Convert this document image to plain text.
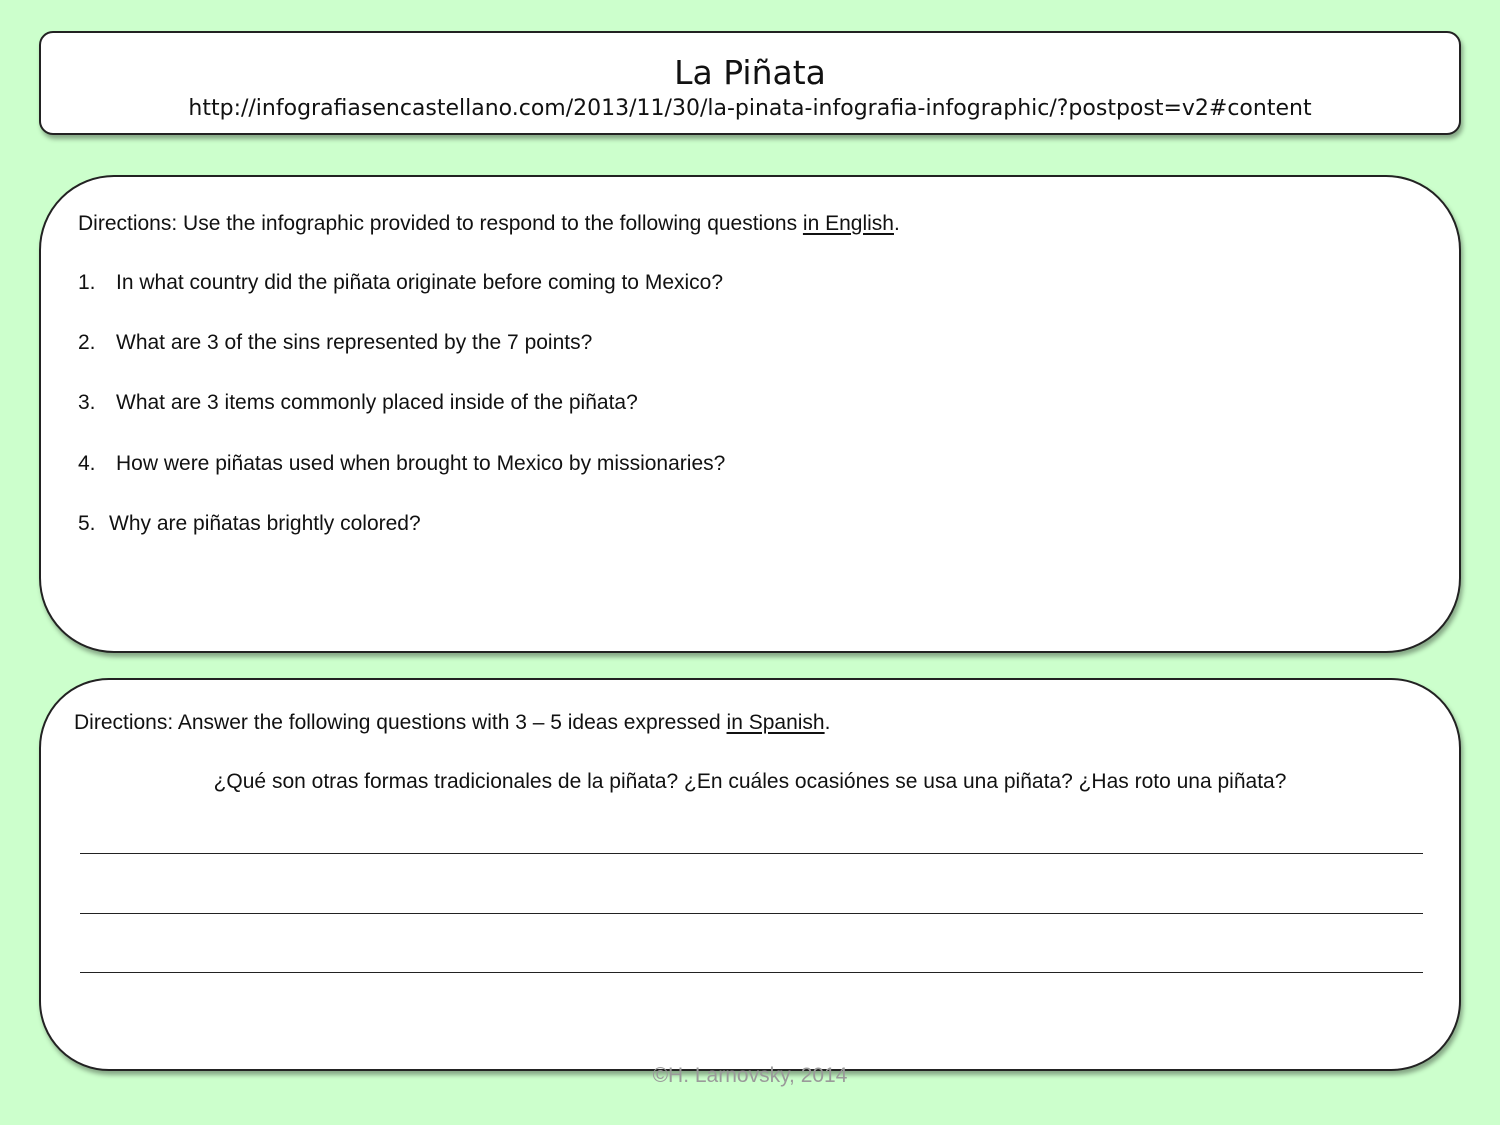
La Piñata
http://infografiasencastellano.com/2013/11/30/la-pinata-infografia-infographic/?postpost=v2#content
Directions: Use the infographic provided to respond to the following questions in English.
1. In what country did the piñata originate before coming to Mexico?
2. What are 3 of the sins represented by the 7 points?
3. What are 3 items commonly placed inside of the piñata?
4. How were piñatas used when brought to Mexico by missionaries?
5. Why are piñatas brightly colored?
Directions: Answer the following questions with 3 – 5 ideas expressed in Spanish.
¿Qué son otras formas tradicionales de la piñata? ¿En cuáles ocasiónes se usa una piñata? ¿Has roto una piñata?
©H. Larnovsky, 2014
